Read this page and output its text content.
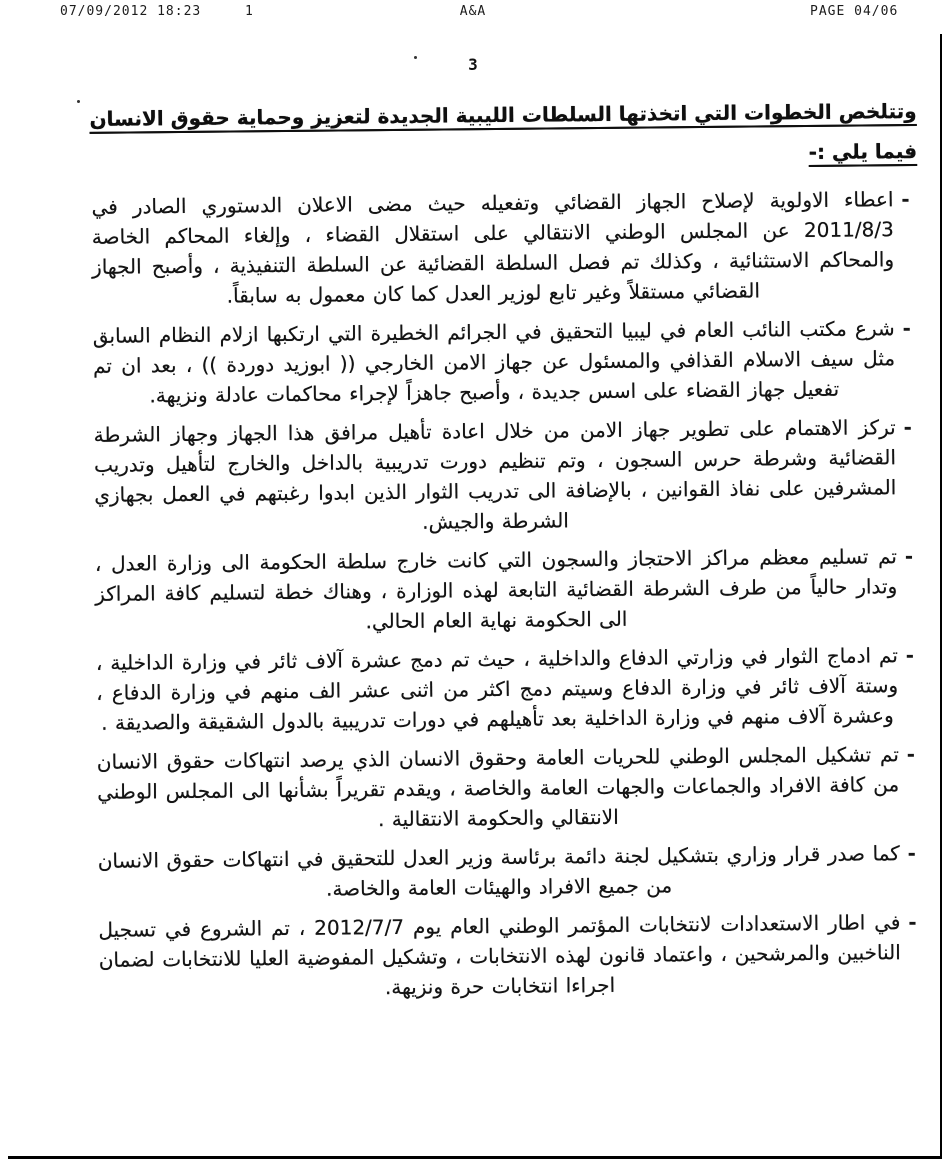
07/09/2012 18:23	1	A&A	PAGE 04/06
3
وتتلخص الخطوات التي اتخذتها السلطات الليبية الجديدة لتعزيز وحماية حقوق الانسان
فيما يلي :-
-
اعطاء الاولوية لإصلاح الجهاز القضائي وتفعيله حيث مضى الاعلان الدستوري الصادر في 2011/8/3 عن المجلس الوطني الانتقالي على استقلال القضاء ، وإلغاء المحاكم الخاصة والمحاكم الاستثنائية ، وكذلك تم فصل السلطة القضائية عن السلطة التنفيذية ، وأصبح الجهاز القضائي مستقلاً وغير تابع لوزير العدل كما كان معمول به سابقاً.
-
شرع مكتب النائب العام في ليبيا التحقيق في الجرائم الخطيرة التي ارتكبها ازلام النظام السابق مثل سيف الاسلام القذافي والمسئول عن جهاز الامن الخارجي (( ابوزيد دوردة )) ، بعد ان تم تفعيل جهاز القضاء على اسس جديدة ، وأصبح جاهزاً لإجراء محاكمات عادلة ونزيهة.
-
تركز الاهتمام على تطوير جهاز الامن من خلال اعادة تأهيل مرافق هذا الجهاز وجهاز الشرطة القضائية وشرطة حرس السجون ، وتم تنظيم دورت تدريبية بالداخل والخارج لتأهيل وتدريب المشرفين على نفاذ القوانين ، بالإضافة الى تدريب الثوار الذين ابدوا رغبتهم في العمل بجهازي الشرطة والجيش.
-
تم تسليم معظم مراكز الاحتجاز والسجون التي كانت خارج سلطة الحكومة الى وزارة العدل ، وتدار حالياً من طرف الشرطة القضائية التابعة لهذه الوزارة ، وهناك خطة لتسليم كافة المراكز الى الحكومة نهاية العام الحالي.
-
تم ادماج الثوار في وزارتي الدفاع والداخلية ، حيث تم دمج عشرة آلاف ثائر في وزارة الداخلية ، وستة آلاف ثائر في وزارة الدفاع وسيتم دمج اكثر من اثنى عشر الف منهم في وزارة الدفاع ، وعشرة آلاف منهم في وزارة الداخلية بعد تأهيلهم في دورات تدريبية بالدول الشقيقة والصديقة .
-
تم تشكيل المجلس الوطني للحريات العامة وحقوق الانسان الذي يرصد انتهاكات حقوق الانسان من كافة الافراد والجماعات والجهات العامة والخاصة ، ويقدم تقريراً بشأنها الى المجلس الوطني الانتقالي والحكومة الانتقالية .
-
كما صدر قرار وزاري بتشكيل لجنة دائمة برئاسة وزير العدل للتحقيق في انتهاكات حقوق الانسان من جميع الافراد والهيئات العامة والخاصة.
-
في اطار الاستعدادات لانتخابات المؤتمر الوطني العام يوم 2012/7/7 ، تم الشروع في تسجيل الناخبين والمرشحين ، واعتماد قانون لهذه الانتخابات ، وتشكيل المفوضية العليا للانتخابات لضمان اجراءا انتخابات حرة ونزيهة.
